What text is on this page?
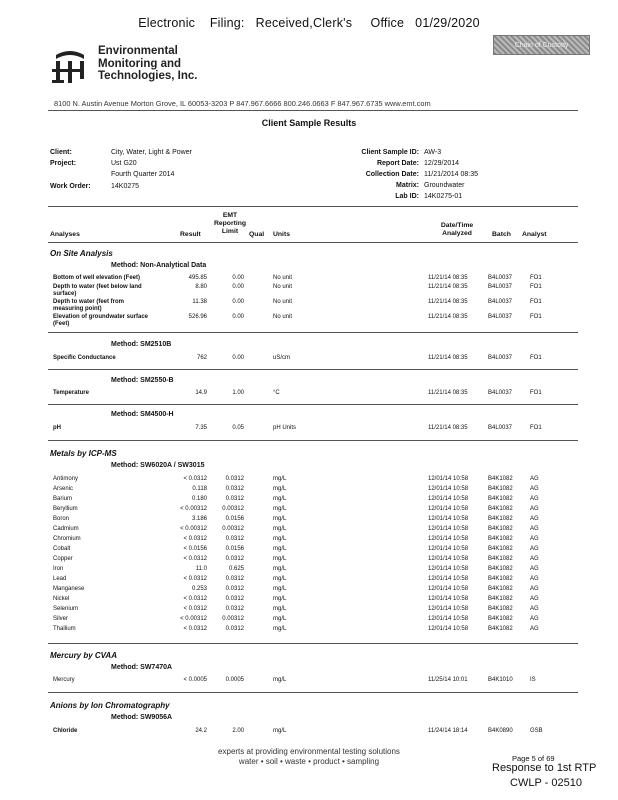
Electronic    Filing:   Received,Clerk's     Office   01/29/2020
Chain of Custody
Environmental
Monitoring and
Technologies, Inc.
8100 N. Austin Avenue Morton Grove, IL 60053-3203 P 847.967.6666 800.246.0663 F 847.967.6735 www.emt.com
Client Sample Results
Client:	City, Water, Light & Power
Project:	Ust G20
Fourth Quarter 2014
Work Order:	14K0275
Client Sample ID: AW-3
Report Date: 12/29/2014
Collection Date: 11/21/2014 08:35
Matrix: Groundwater
Lab ID: 14K0275-01
Analyses	Result
EMT
Reporting
Limit	Qual Units
Date/Time
Analyzed	Batch Analyst
On Site Analysis
Method: Non-Analytical Data
Bottom of well elevation (Feet)	495.85	0.00	No unit	11/21/14 08:35	B4L0037	FO1
Depth to water (feet below land	8.80	0.00	No unit	11/21/14 08:35	B4L0037	FO1
surface)
Depth to water (feet from	11.38	0.00	No unit	11/21/14 08:35	B4L0037	FO1
measuring point)
Elevation of groundwater surface	526.96	0.00	No unit	11/21/14 08:35	B4L0037	FO1
(Feet)
Method: SM2510B
Specific Conductance	762	0.00	uS/cm	11/21/14 08:35	B4L0037	FO1
Method: SM2550-B
Temperature	14.9	1.00	°C	11/21/14 08:35	B4L0037	FO1
Method: SM4500-H
pH	7.35	0.05	pH Units	11/21/14 08:35	B4L0037	FO1
Metals by ICP-MS
Method: SW6020A / SW3015
Antimony	< 0.0312	0.0312	mg/L	12/01/14 10:58	B4K1082	AG
Arsenic	0.118	0.0312	mg/L	12/01/14 10:58	B4K1082	AG
Barium	0.180	0.0312	mg/L	12/01/14 10:58	B4K1082	AG
Beryllium	< 0.00312	0.00312	mg/L	12/01/14 10:58	B4K1082	AG
Boron	3.186	0.0156	mg/L	12/01/14 10:58	B4K1082	AG
Cadmium	< 0.00312	0.00312	mg/L	12/01/14 10:58	B4K1082	AG
Chromium	< 0.0312	0.0312	mg/L	12/01/14 10:58	B4K1082	AG
Cobalt	< 0.0156	0.0156	mg/L	12/01/14 10:58	B4K1082	AG
Copper	< 0.0312	0.0312	mg/L	12/01/14 10:58	B4K1082	AG
Iron	11.0	0.625	mg/L	12/01/14 10:58	B4K1082	AG
Lead	< 0.0312	0.0312	mg/L	12/01/14 10:58	B4K1082	AG
Manganese	0.253	0.0312	mg/L	12/01/14 10:58	B4K1082	AG
Nickel	< 0.0312	0.0312	mg/L	12/01/14 10:58	B4K1082	AG
Selenium	< 0.0312	0.0312	mg/L	12/01/14 10:58	B4K1082	AG
Silver	< 0.00312	0.00312	mg/L	12/01/14 10:58	B4K1082	AG
Thallium	< 0.0312	0.0312	mg/L	12/01/14 10:58	B4K1082	AG
Mercury by CVAA
Method: SW7470A
Mercury	< 0.0005	0.0005	mg/L	11/25/14 10:01	B4K1010	IS
Anions by Ion Chromatography
Method: SW9056A
Chloride	24.2	2.00	mg/L	11/24/14 18:14	B4K0890	GSB
experts at providing environmental testing solutions
water • soil • waste • product • sampling	Page 5 of 69
Response to 1st RTP
CWLP - 02510
